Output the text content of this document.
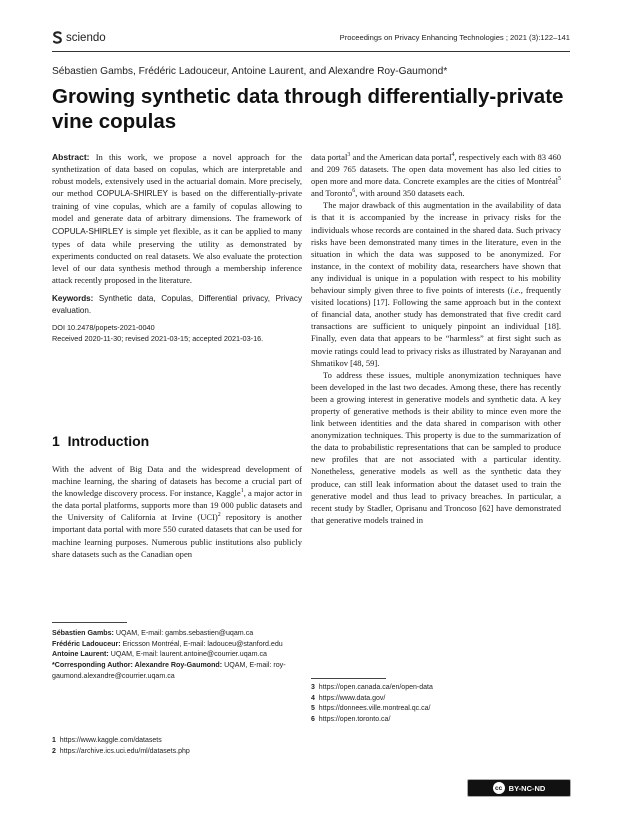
sciendo	Proceedings on Privacy Enhancing Technologies ; 2021 (3):122–141
Sébastien Gambs, Frédéric Ladouceur, Antoine Laurent, and Alexandre Roy-Gaumond*
Growing synthetic data through differentially-private vine copulas

Abstract: In this work, we propose a novel approach for the synthetization of data based on copulas, which are interpretable and robust models, extensively used in the actuarial domain. More precisely, our method COPULA-SHIRLEY is based on the differentially-private training of vine copulas, which are a family of copulas allowing to model and generate data of arbitrary dimensions. The framework of COPULA-SHIRLEY is simple yet flexible, as it can be applied to many types of data while preserving the utility as demonstrated by experiments conducted on real datasets. We also evaluate the protection level of our data synthesis method through a membership inference attack recently proposed in the literature.

Keywords: Synthetic data, Copulas, Differential privacy, Privacy evaluation.

DOI 10.2478/popets-2021-0040

Received 2020-11-30; revised 2021-03-15; accepted 2021-03-16.

1 Introduction

With the advent of Big Data and the widespread development of machine learning, the sharing of datasets has become a crucial part of the knowledge discovery process. For instance, Kaggle$^1$, a major actor in the data portal platforms, supports more than 19 000 public datasets and the University of California at Irvine (UCI)$^2$ repository is another important data portal with more 550 curated datasets that can be used for machine learning purposes. Numerous public institutions also publicly share datasets such as the Canadian open

Sébastien Gambs: UQAM, E-mail: gambs.sebastien@uqam.ca

Frédéric Ladouceur: Ericsson Montréal, E-mail: ladouceu@stanford.edu

Antoine Laurent: UQAM, E-mail: laurent.antoine@courrier.uqam.ca

*Corresponding Author: Alexandre Roy-Gaumond: UQAM, E-mail: roy-gaumond.alexandre@courrier.uqam.ca

1 https://www.kaggle.com/datasets

2 https://archive.ics.uci.edu/ml/datasets.php

data portal$^3$ and the American data portal$^4$, respectively each with 83 460 and 209 765 datasets. The open data movement has also led cities to open more and more data. Concrete examples are the cities of Montréal$^5$ and Toronto$^6$, with around 350 datasets each.

The major drawback of this augmentation in the availability of data is that it is accompanied by the increase in privacy risks for the individuals whose records are contained in the shared data. Such privacy risks have been demonstrated many times in the literature, even in the situation in which the data was supposed to be anonymized. For instance, in the context of mobility data, researchers have shown that any individual is unique in a population with respect to his mobility behaviour simply given three to five points of interests (i.e., frequently visited locations) [17]. Following the same approach but in the context of financial data, another study has demonstrated that five credit card transactions are sufficient to uniquely pinpoint an individual [18]. Finally, even data that appears to be “harmless” at first sight such as movie ratings could lead to privacy risks as illustrated by Narayanan and Shmatikov [48, 59].

To address these issues, multiple anonymization techniques have been developed in the last two decades. Among these, there has recently been a growing interest in generative models and synthetic data. A key property of generative methods is their ability to mince even more the link between identities and the data shared in comparison with other anonymization techniques. This property is due to the summarization of the data to probabilistic representations that can be sampled to produce new profiles that are not associated with a particular identity. Nonetheless, generative models as well as the synthetic data they produce, can still leak information about the dataset used to train the generative model and thus lead to privacy breaches. In particular, a recent study by Stadler, Oprisanu and Troncoso [62] have demonstrated that generative models trained in

3 https://open.canada.ca/en/open-data

4 https://www.data.gov/

5 https://donnees.ville.montreal.qc.ca/

6 https://open.toronto.ca/

cc BY-NC-ND
